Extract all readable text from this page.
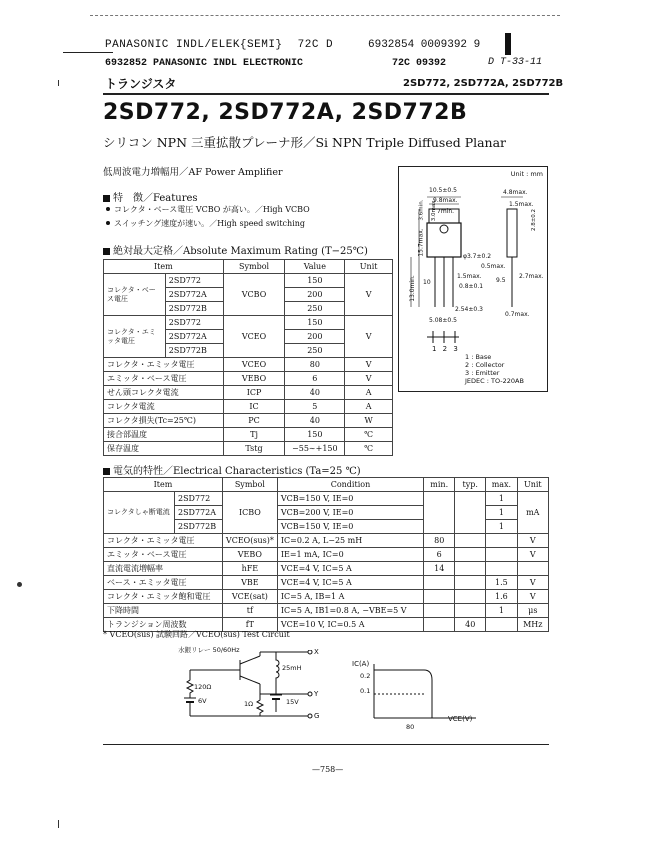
PANASONIC INDL/ELEK{SEMI} 72C D	6932854 0009392 9
6932852 PANASONIC INDL ELECTRONIC	72C 09392	D T-33-11
トランジスタ	2SD772, 2SD772A, 2SD772B
2SD772, 2SD772A, 2SD772B
シリコン NPN 三重拡散プレーナ形／Si NPN Triple Diffused Planar
低周波電力増幅用／AF Power Amplifier
特　徴／Features
コレクタ・ベース電圧 VCBO が高い。／High VCBO
スイッチング速度が速い。／High speed switching
絶対最大定格／Absolute Maximum Rating (T−25℃)
Item		Symbol	Value	Unit
コレクタ・ベース電圧	2SD772	VCBO	150	V
	2SD772A		200	
	2SD772B		250	
コレクタ・エミッタ電圧	2SD772	VCEO	150	V
	2SD772A		200	
	2SD772B		250	
コレクタ・エミッタ電圧		VCEO	80	V
エミッタ・ベース電圧		VEBO	6	V
せん頭コレクタ電流		ICP	40	A
コレクタ電流		IC	5	A
コレクタ損失(Tc=25℃)		PC	40	W
接合部温度		Tj	150	℃
保存温度		Tstg	−55∼+150	℃
Unit : mm
10.5±0.5
9.8max.
7min.
4.8max.
1.5max.
φ3.7±0.2
0.5max.
1.5max.
0.8±0.1
2.54±0.3
5.08±0.5
0.7max.
2.7max.
15.7max.
13.0min.
3.6min. 3.0max.	2.8±0.2
9.5
10
1 2 3
1 : Base
2 : Collector
3 : Emitter
JEDEC : TO-220AB
電気的特性／Electrical Characteristics (Ta=25 ℃)
Item		Symbol	Condition	min.	typ.	max.	Unit
コレクタしゃ断電流	2SD772	ICBO	VCB=150 V, IE=0			1	mA
	2SD772A		VCB=200 V, IE=0			1	
	2SD772B		VCB=150 V, IE=0			1	
コレクタ・エミッタ電圧		VCEO(sus)*	IC=0.2 A, L−25 mH	80			V
エミッタ・ベース電圧		VEBO	IE=1 mA, IC=0	6			V
直流電流増幅率		hFE	VCE=4 V, IC=5 A	14			
ベース・エミッタ電圧		VBE	VCE=4 V, IC=5 A			1.5	V
コレクタ・エミッタ飽和電圧		VCE(sat)	IC=5 A, IB=1 A			1.6	V
下降時間		tf	IC=5 A, IB1=0.8 A, −VBE=5 V			1	μs
トランジション周波数		fT	VCE=10 V, IC=0.5 A		40		MHz
* VCEO(sus) 試験回路／VCEO(sus) Test Circuit
水銀リレー 50/60Hz
120Ω
6V	1Ω
25mH
15V
X
Y
G
IC(A)
0.2
0.1
80
VCE(V)
—758—
